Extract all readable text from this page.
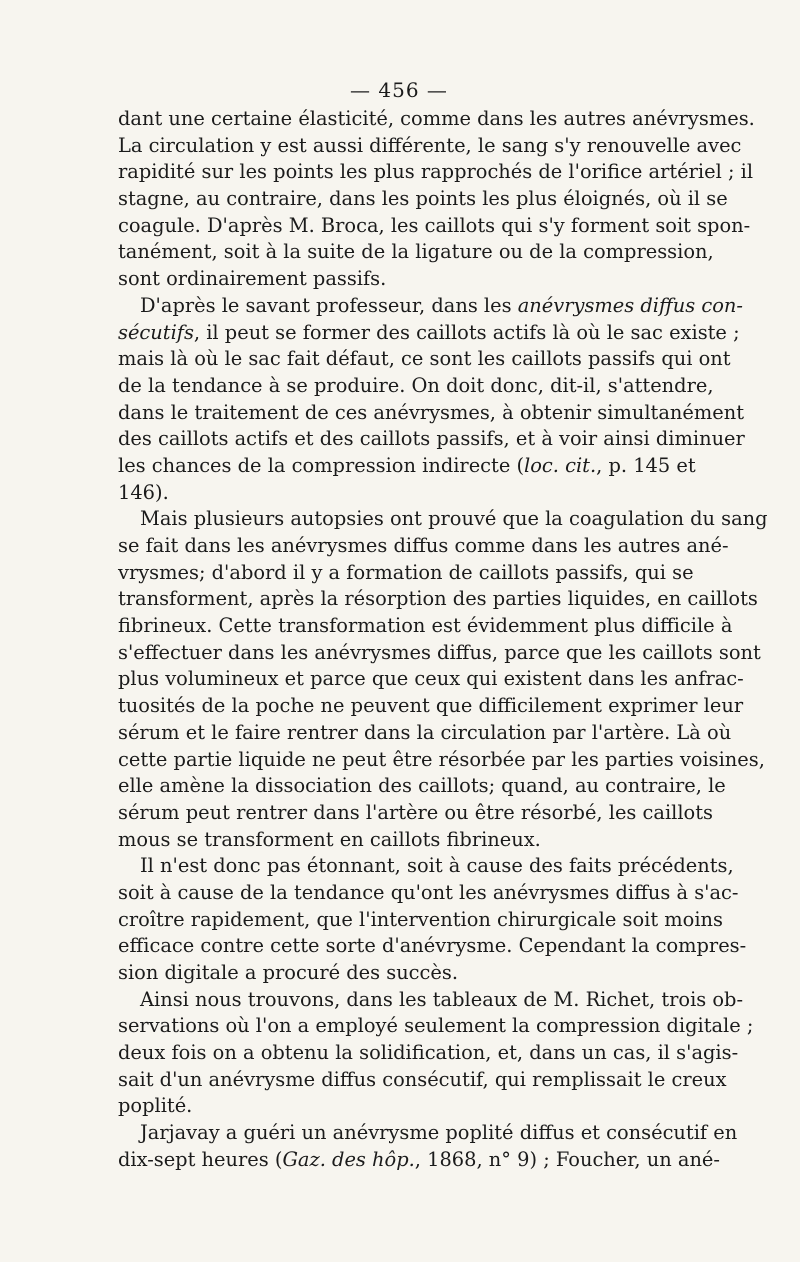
— 456 —
dant une certaine élasticité, comme dans les autres anévrysmes.
La circulation y est aussi différente, le sang s'y renouvelle avec
rapidité sur les points les plus rapprochés de l'orifice artériel ; il
stagne, au contraire, dans les points les plus éloignés, où il se
coagule. D'après M. Broca, les caillots qui s'y forment soit spon-
tanément, soit à la suite de la ligature ou de la compression,
sont ordinairement passifs.
D'après le savant professeur, dans les anévrysmes diffus con-
sécutifs, il peut se former des caillots actifs là où le sac existe ;
mais là où le sac fait défaut, ce sont les caillots passifs qui ont
de la tendance à se produire. On doit donc, dit-il, s'attendre,
dans le traitement de ces anévrysmes, à obtenir simultanément
des caillots actifs et des caillots passifs, et à voir ainsi diminuer
les chances de la compression indirecte (loc. cit., p. 145 et
146).
Mais plusieurs autopsies ont prouvé que la coagulation du sang
se fait dans les anévrysmes diffus comme dans les autres ané-
vrysmes; d'abord il y a formation de caillots passifs, qui se
transforment, après la résorption des parties liquides, en caillots
fibrineux. Cette transformation est évidemment plus difficile à
s'effectuer dans les anévrysmes diffus, parce que les caillots sont
plus volumineux et parce que ceux qui existent dans les anfrac-
tuosités de la poche ne peuvent que difficilement exprimer leur
sérum et le faire rentrer dans la circulation par l'artère. Là où
cette partie liquide ne peut être résorbée par les parties voisines,
elle amène la dissociation des caillots; quand, au contraire, le
sérum peut rentrer dans l'artère ou être résorbé, les caillots
mous se transforment en caillots fibrineux.
Il n'est donc pas étonnant, soit à cause des faits précédents,
soit à cause de la tendance qu'ont les anévrysmes diffus à s'ac-
croître rapidement, que l'intervention chirurgicale soit moins
efficace contre cette sorte d'anévrysme. Cependant la compres-
sion digitale a procuré des succès.
Ainsi nous trouvons, dans les tableaux de M. Richet, trois ob-
servations où l'on a employé seulement la compression digitale ;
deux fois on a obtenu la solidification, et, dans un cas, il s'agis-
sait d'un anévrysme diffus consécutif, qui remplissait le creux
poplité.
Jarjavay a guéri un anévrysme poplité diffus et consécutif en
dix-sept heures (Gaz. des hôp., 1868, n° 9) ; Foucher, un ané-
